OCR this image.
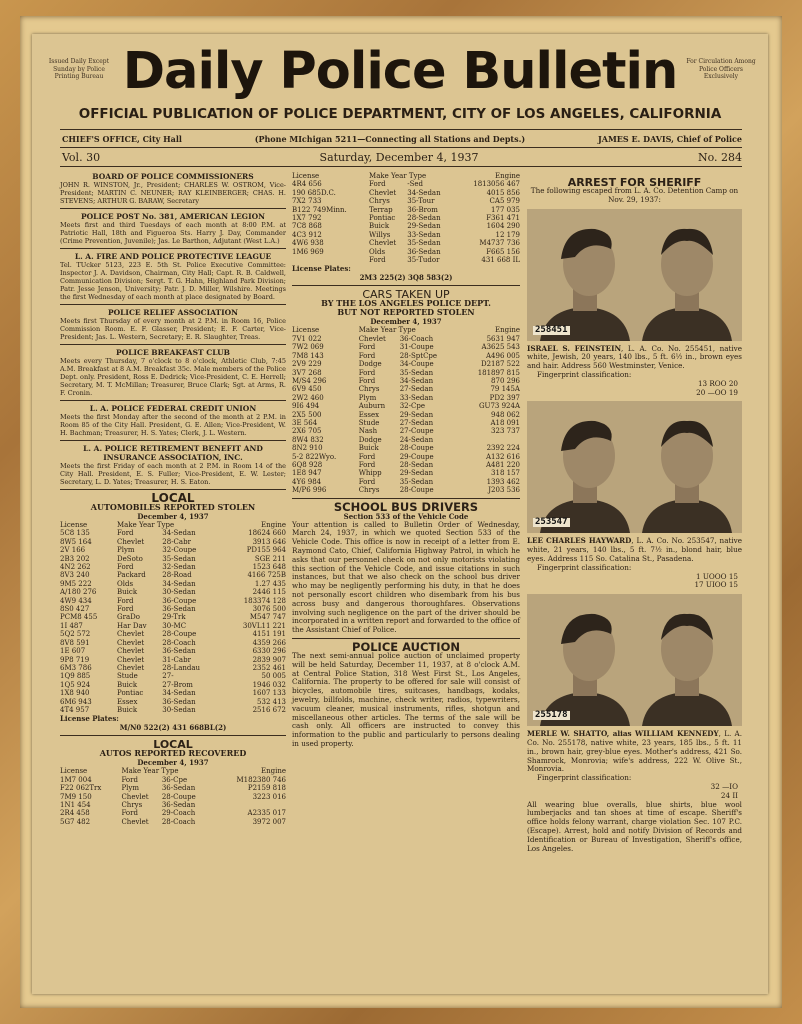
Issued Daily Except Sunday by Police Printing Bureau
For Circulation Among Police Officers Exclusively
Daily Police Bulletin
OFFICIAL PUBLICATION OF POLICE DEPARTMENT, CITY OF LOS ANGELES, CALIFORNIA
CHIEF'S OFFICE, City Hall	(Phone MIchigan 5211—Connecting all Stations and Depts.)	JAMES E. DAVIS, Chief of Police
Vol. 30	Saturday, December 4, 1937	No. 284
BOARD OF POLICE COMMISSIONERS
JOHN R. WINSTON, Jr., President; CHARLES W. OSTROM, Vice-President; MARTIN C. NEUNER; RAY KLEINBERGER; CHAS. H. STEVENS; ARTHUR G. BARAW, Secretary
POLICE POST No. 381, AMERICAN LEGION
Meets first and third Tuesdays of each month at 8:00 P.M. at Patriotic Hall, 18th and Figueroa Sts. Harry J. Day, Commander (Crime Prevention, Juvenile); Jas. Le Barthon, Adjutant (West L.A.)
L. A. FIRE AND POLICE PROTECTIVE LEAGUE
Tel. TUcker 5123, 223 E. 5th St. Police Executive Committee: Inspector J. A. Davidson, Chairman, City Hall; Capt. R. B. Caldwell, Communication Division; Sergt. T. G. Hahn, Highland Park Division; Patr. Jesse Jenson, University; Patr. J. D. Miller, Wilshire. Meetings the first Wednesday of each month at place designated by Board.
POLICE RELIEF ASSOCIATION
Meets first Thursday of every month at 2 P.M. in Room 16, Police Commission Room. E. F. Glasser, President; E. F. Carter, Vice-President; Jas. L. Western, Secretary; E. R. Slaughter, Treas.
POLICE BREAKFAST CLUB
Meets every Thursday, 7 o'clock to 8 o'clock, Athletic Club, 7:45 A.M. Breakfast at 8 A.M. Breakfast 35c. Male members of the Police Dept. only. President, Ross E. Dedrick; Vice-President, C. E. Herrell; Secretary, M. T. McMillan; Treasurer, Bruce Clark; Sgt. at Arms, R. F. Cronin.
L. A. POLICE FEDERAL CREDIT UNION
Meets the first Monday after the second of the month at 2 P.M. in Room 85 of the City Hall. President, G. E. Allen; Vice-President, W. H. Bachman; Treasurer, H. S. Yates; Clerk, J. L. Western.
L. A. POLICE RETIREMENT BENEFIT AND INSURANCE ASSOCIATION, INC.
Meets the first Friday of each month at 2 P.M. in Room 14 of the City Hall. President, E. S. Fuller; Vice-President, E. W. Lester; Secretary, L. D. Yates; Treasurer, H. S. Eaton.
LOCAL
AUTOMOBILES REPORTED STOLEN
December 4, 1937
License	Make Year Type		Engine
5C8 135	Ford	34-Sedan	18624 660
8W5 164	Chevlet	28-Cabr	3913 646
2V 166	Plym	32-Coupe	PD155 964
2B3 202	DeSoto	35-Sedan	SGE 211
4N2 262	Ford	32-Sedan	1523 648
8V3 240	Packard	28-Road	4166 725B
9M5 222	Olds	34-Sedan	1.27 435
A/180 276	Buick	30-Sedan	2446 115
4W9 434	Ford	36-Coupe	183374 128
8S0 427	Ford	36-Sedan	3076 500
PCM8 455	GraDo	29-Trk	M547 747
1I 487	Har Dav	30-MC	30VL11 221
5Q2 572	Chevlet	28-Coupe	4151 191
8V8 591	Chevlet	28-Coach	4359 266
1E 607	Chevlet	36-Sedan	6330 296
9P8 719	Chevlet	31-Cabr	2839 907
6M3 786	Chevlet	28-Landau	2352 461
1Q9 885	Stude	27-	50 005
1Q5 924	Buick	27-Brom	1946 032
1X8 940	Pontiac	34-Sedan	1607 133
6M6 943	Essex	36-Sedan	532 413
4T4 957	Buick	30-Sedan	2516 672
License Plates:
M/N0 522(2) 431 668BL(2)
LOCAL
AUTOS REPORTED RECOVERED
December 4, 1937
License	Make Year Type		Engine
1M7 004	Ford	36-Cpe	M182380 746
F22 062Trx	Plym	36-Sedan	P2159 818
7M9 150	Chevlet	28-Coupe	3223 016
1N1 454	Chrys	36-Sedan	
2R4 458	Ford	29-Coach	A2335 017
5G7 482	Chevlet	28-Coach	3972 007
License	Make Year Type		Engine
4R4 656	Ford	-Sed	1813056 467
190 685D.C.	Chevlet	34-Sedan	4015 856
7X2 733	Chrys	35-Tour	CA5 979
B122 749Minn.	Terrap	36-Brom	177 035
1X7 792	Pontiac	28-Sedan	F361 471
7C8 868	Buick	29-Sedan	1604 290
4C3 912	Willys	33-Sedan	12 179
4W6 938	Chevlet	35-Sedan	M4737 736
1M6 969	Olds	36-Sedan	F665 156
	Ford	35-Tudor	431 668 IL
License Plates:
2M3 225(2) 3Q8 583(2)
CARS TAKEN UP
BY THE LOS ANGELES POLICE DEPT.
BUT NOT REPORTED STOLEN
December 4, 1937
License	Make Year Type		Engine
7V1 022	Chevlet	36-Coach	5631 947
7W2 069	Ford	31-Coupe	A3625 543
7M8 143	Ford	28-SptCpe	A496 005
2V9 229	Dodge	34-Coupe	D2187 522
3V7 268	Ford	35-Sedan	181897 815
M/S4 296	Ford	34-Sedan	870 296
6V9 450	Chrys	27-Sedan	79 145A
2W2 460	Plym	33-Sedan	PD2 397
9I6 494	Auburn	32-Cpe	GU73 924A
2X5 500	Essex	29-Sedan	948 062
3E 564	Stude	27-Sedan	A18 091
2X6 705	Nash	27-Coupe	323 737
8W4 832	Dodge	24-Sedan	
8N2 910	Buick	28-Coupe	2392 224
5-2 822Wyo.	Ford	29-Coupe	A132 616
6Q8 928	Ford	28-Sedan	A481 220
1E8 947	Whipp	29-Sedan	318 157
4Y6 984	Ford	35-Sedan	1393 462
M/P6 996	Chrys	28-Coupe	J203 536
SCHOOL BUS DRIVERS
Section 533 of the Vehicle Code
Your attention is called to Bulletin Order of Wednesday, March 24, 1937, in which we quoted Section 533 of the Vehicle Code. This office is now in receipt of a letter from E. Raymond Cato, Chief, California Highway Patrol, in which he asks that our personnel check on not only motorists violating this section of the Vehicle Code, and issue citations in such instances, but that we also check on the school bus driver who may be negligently performing his duty, in that he does not personally escort children who disembark from his bus across busy and dangerous thoroughfares. Observations involving such negligence on the part of the driver should be incorporated in a written report and forwarded to the office of the Assistant Chief of Police.
POLICE AUCTION
The next semi-annual police auction of unclaimed property will be held Saturday, December 11, 1937, at 8 o'clock A.M. at Central Police Station, 318 West First St., Los Angeles, California. The property to be offered for sale will consist of bicycles, automobile tires, suitcases, handbags, kodaks, jewelry, billfolds, machine, check writer, radios, typewriters, vacuum cleaner, musical instruments, rifles, shotgun and miscellaneous other articles. The terms of the sale will be cash only. All officers are instructed to convey this information to the public and particularly to persons dealing in used property.
ARREST FOR SHERIFF
The following escaped from L. A. Co. Detention Camp on Nov. 29, 1937:
258451
ISRAEL S. FEINSTEIN, L. A. Co. No. 255451, native white, Jewish, 20 years, 140 lbs., 5 ft. 6½ in., brown eyes and hair. Address 560 Westminster, Venice.
Fingerprint classification:
13 ROO 20
20 —OO 19
253547
LEE CHARLES HAYWARD, L. A. Co. No. 253547, native white, 21 years, 140 lbs., 5 ft. 7½ in., blond hair, blue eyes. Address 115 So. Catalina St., Pasadena.
Fingerprint classification:
1 UOOO 15
17 UIOO 15
255178
MERLE W. SHATTO, alias WILLIAM KENNEDY, L. A. Co. No. 255178, native white, 23 years, 185 lbs., 5 ft. 11 in., brown hair, grey-blue eyes. Mother's address, 421 So. Shamrock, Monrovia; wife's address, 222 W. Olive St., Monrovia.
Fingerprint classification:
32 —IO
24 II
All wearing blue overalls, blue shirts, blue wool lumberjacks and tan shoes at time of escape. Sheriff's office holds felony warrant, charge violation Sec. 107 P.C. (Escape). Arrest, hold and notify Division of Records and Identification or Bureau of Investigation, Sheriff's office, Los Angeles.
